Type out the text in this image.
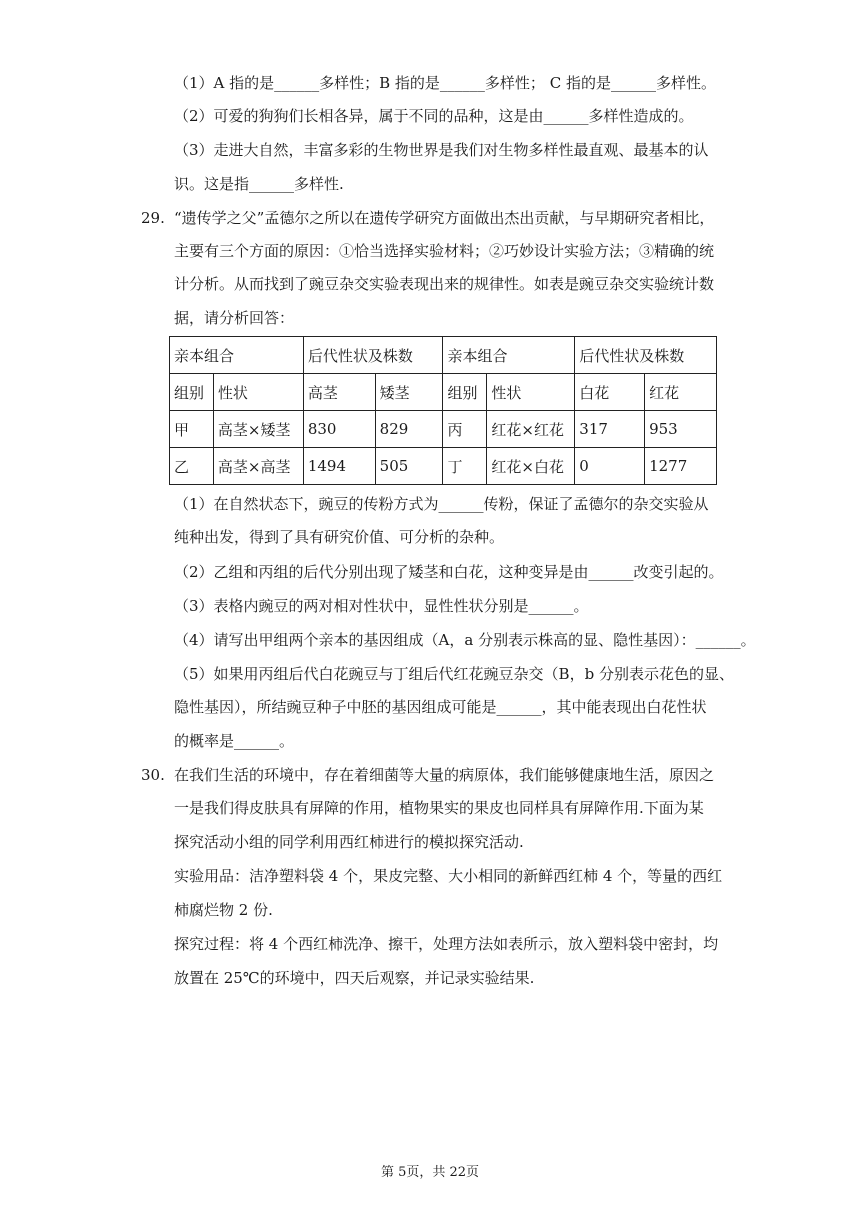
（1）A 指的是______多样性；B 指的是______多样性； C 指的是______多样性。
（2）可爱的狗狗们长相各异，属于不同的品种，这是由______多样性造成的。
（3）走进大自然，丰富多彩的生物世界是我们对生物多样性最直观、最基本的认
识。这是指______多样性.
29. “遗传学之父”孟德尔之所以在遗传学研究方面做出杰出贡献，与早期研究者相比，
主要有三个方面的原因：①恰当选择实验材料；②巧妙设计实验方法；③精确的统
计分析。从而找到了豌豆杂交实验表现出来的规律性。如表是豌豆杂交实验统计数
据，请分析回答：
亲本组合		后代性状及株数		亲本组合		后代性状及株数	
组别	性状	高茎	矮茎	组别	性状	白花	红花
甲	高茎×矮茎	830	829	丙	红花×红花	317	953
乙	高茎×高茎	1494	505	丁	红花×白花	0	1277
（1）在自然状态下，豌豆的传粉方式为______传粉，保证了孟德尔的杂交实验从
纯种出发，得到了具有研究价值、可分析的杂种。
（2）乙组和丙组的后代分别出现了矮茎和白花，这种变异是由______改变引起的。
（3）表格内豌豆的两对相对性状中，显性性状分别是______。
（4）请写出甲组两个亲本的基因组成（A，a 分别表示株高的显、隐性基因）：______。
（5）如果用丙组后代白花豌豆与丁组后代红花豌豆杂交（B，b 分别表示花色的显、
隐性基因），所结豌豆种子中胚的基因组成可能是______，其中能表现出白花性状
的概率是______。
30. 在我们生活的环境中，存在着细菌等大量的病原体，我们能够健康地生活，原因之
一是我们得皮肤具有屏障的作用，植物果实的果皮也同样具有屏障作用.下面为某
探究活动小组的同学利用西红柿进行的模拟探究活动.
实验用品：洁净塑料袋 4 个，果皮完整、大小相同的新鲜西红柿 4 个，等量的西红
柿腐烂物 2 份.
探究过程：将 4 个西红柿洗净、擦干，处理方法如表所示，放入塑料袋中密封，均
放置在 25℃的环境中，四天后观察，并记录实验结果.
第 5页，共 22页
